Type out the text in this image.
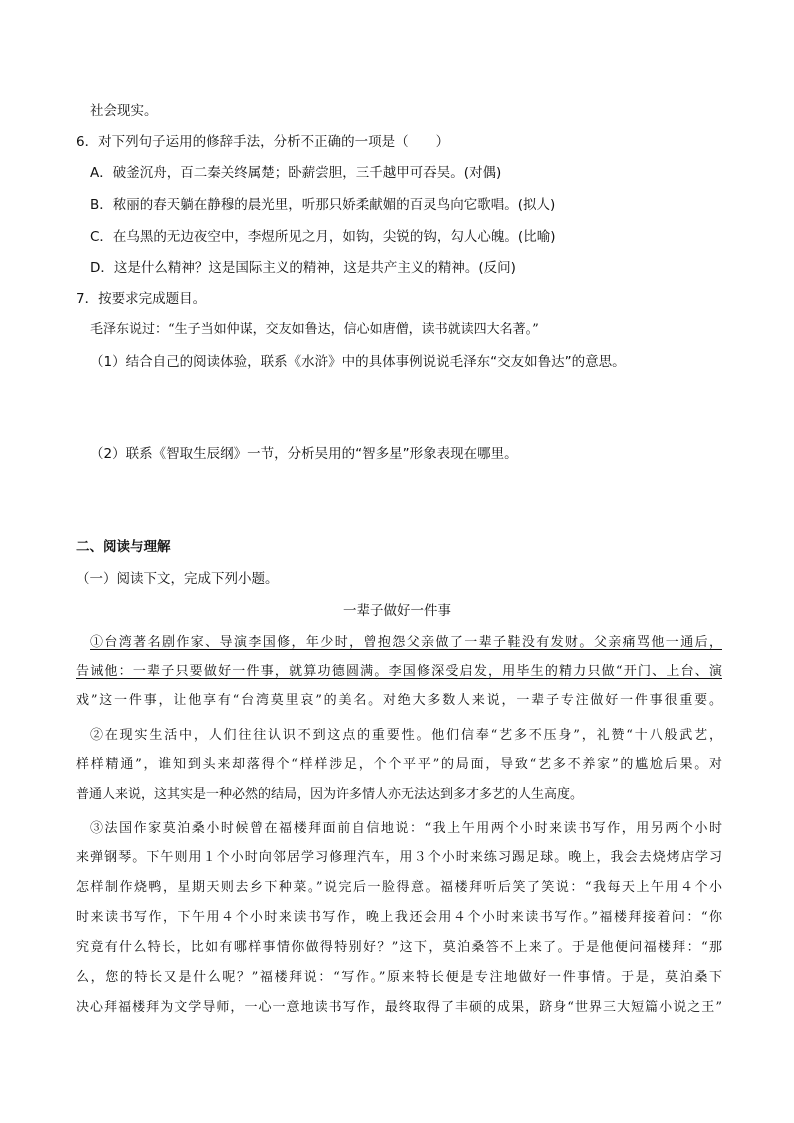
社会现实。
6．对下列句子运用的修辞手法，分析不正确的一项是（　　）
A．破釜沉舟，百二秦关终属楚；卧薪尝胆，三千越甲可吞吴。(对偶)
B．秾丽的春天躺在静穆的晨光里，听那只娇柔献媚的百灵鸟向它歌唱。(拟人)
C．在乌黑的无边夜空中，李煜所见之月，如钩，尖锐的钩，勾人心魄。(比喻)
D．这是什么精神？这是国际主义的精神，这是共产主义的精神。(反问)
7．按要求完成题目。
毛泽东说过：“生子当如仲谋，交友如鲁达，信心如唐僧，读书就读四大名著。”
（1）结合自己的阅读体验，联系《水浒》中的具体事例说说毛泽东“交友如鲁达”的意思。
（2）联系《智取生辰纲》一节，分析吴用的“智多星”形象表现在哪里。
二、阅读与理解
（一）阅读下文，完成下列小题。
一辈子做好一件事
①台湾著名剧作家、导演李国修，年少时，曾抱怨父亲做了一辈子鞋没有发财。父亲痛骂他一通后，
告诫他：一辈子只要做好一件事，就算功德圆满。李国修深受启发，用毕生的精力只做“开门、上台、演
戏”这一件事，让他享有“台湾莫里哀”的美名。对绝大多数人来说，一辈子专注做好一件事很重要。
②在现实生活中，人们往往认识不到这点的重要性。他们信奉“艺多不压身”，礼赞“十八般武艺，
样样精通”，谁知到头来却落得个“样样涉足，个个平平”的局面，导致“艺多不养家”的尴尬后果。对
普通人来说，这其实是一种必然的结局，因为许多情人亦无法达到多才多艺的人生高度。
③法国作家莫泊桑小时候曾在福楼拜面前自信地说：“我上午用两个小时来读书写作，用另两个小时
来弹钢琴。下午则用１个小时向邻居学习修理汽车，用３个小时来练习踢足球。晚上，我会去烧烤店学习
怎样制作烧鸭，星期天则去乡下种菜。”说完后一脸得意。福楼拜听后笑了笑说：“我每天上午用４个小
时来读书写作，下午用４个小时来读书写作，晚上我还会用４个小时来读书写作。”福楼拜接着问：“你
究竟有什么特长，比如有哪样事情你做得特别好？”这下，莫泊桑答不上来了。于是他便问福楼拜：“那
么，您的特长又是什么呢？”福楼拜说：“写作。”原来特长便是专注地做好一件事情。于是，莫泊桑下
决心拜福楼拜为文学导师，一心一意地读书写作，最终取得了丰硕的成果，跻身“世界三大短篇小说之王”
